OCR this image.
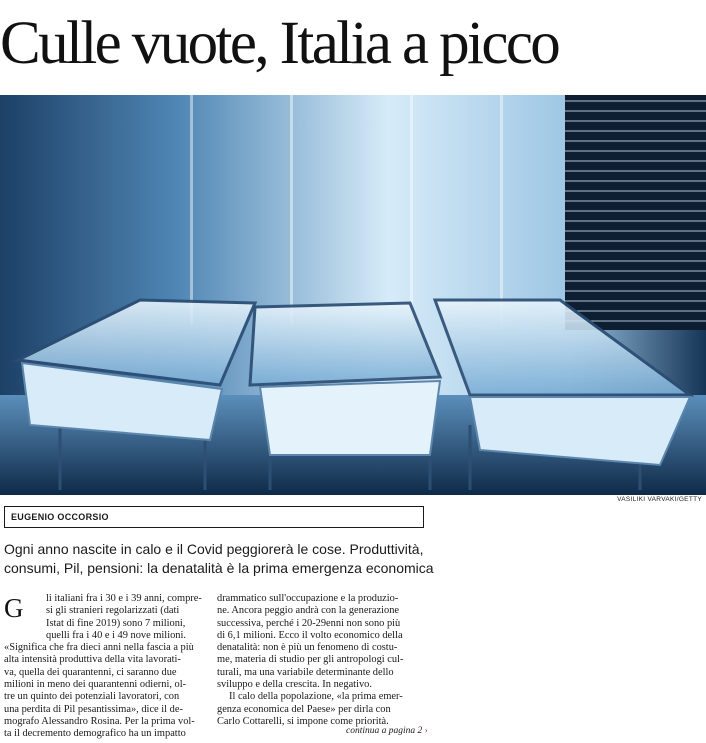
Culle vuote, Italia a picco
VASILIKI VARVAKI/GETTY
EUGENIO OCCORSIO
Ogni anno nascite in calo e il Covid peggiorerà le cose. Produttività,
consumi, Pil, pensioni: la denatalità è la prima emergenza economica
G	li italiani fra i 30 e i 39 anni, compre-
si gli stranieri regolarizzati (dati
Istat di fine 2019) sono 7 milioni,
quelli fra i 40 e i 49 nove milioni.
«Significa che fra dieci anni nella fascia a più
alta intensità produttiva della vita lavorati-
va, quella dei quarantenni, ci saranno due
milioni in meno dei quarantenni odierni, ol-
tre un quinto dei potenziali lavoratori, con
una perdita di Pil pesantissima», dice il de-
mografo Alessandro Rosina. Per la prima vol-
ta il decremento demografico ha un impatto
drammatico sull'occupazione e la produzio-
ne. Ancora peggio andrà con la generazione
successiva, perché i 20-29enni non sono più
di 6,1 milioni. Ecco il volto economico della
denatalità: non è più un fenomeno di costu-
me, materia di studio per gli antropologi cul-
turali, ma una variabile determinante dello
sviluppo e della crescita. In negativo.
Il calo della popolazione, «la prima emer-
genza economica del Paese» per dirla con
Carlo Cottarelli, si impone come priorità.
continua a pagina 2 ›
